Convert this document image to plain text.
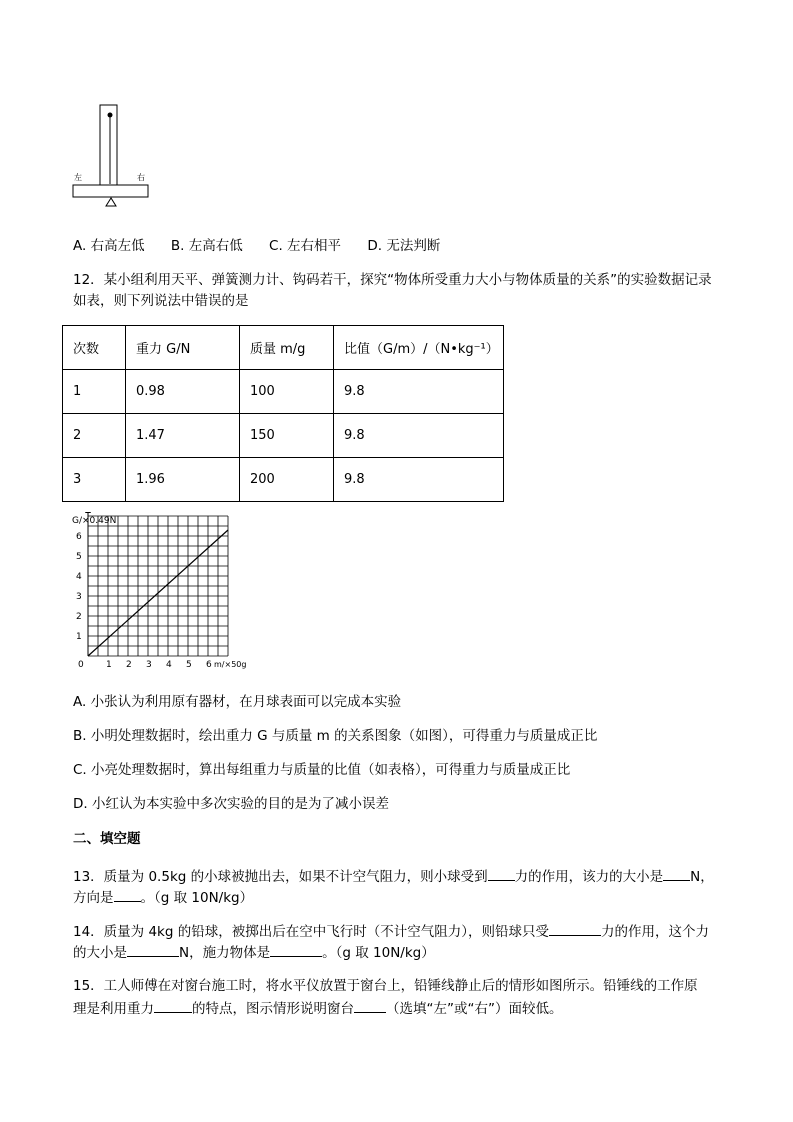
左	右
A. 右高左低 B. 左高右低 C. 左右相平 D. 无法判断
12．某小组利用天平、弹簧测力计、钩码若干，探究“物体所受重力大小与物体质量的关系”的实验数据记录
如表，则下列说法中错误的是
次数	重力 G/N	质量 m/g	比值（G/m）/（N•kg⁻¹）
1	0.98	100	9.8
2	1.47	150	9.8
3	1.96	200	9.8
0 1 2 3 4 5 6
1
2
3
4
5
6
G/×0.49N
m/×50g
A. 小张认为利用原有器材，在月球表面可以完成本实验
B. 小明处理数据时，绘出重力 G 与质量 m 的关系图象（如图），可得重力与质量成正比
C. 小亮处理数据时，算出每组重力与质量的比值（如表格），可得重力与质量成正比
D. 小红认为本实验中多次实验的目的是为了减小误差
二、填空题
13．质量为 0.5kg 的小球被抛出去，如果不计空气阻力，则小球受到 力的作用，该力的大小是 N，
方向是 。（g 取 10N/kg）
14．质量为 4kg 的铅球，被掷出后在空中飞行时（不计空气阻力），则铅球只受	力的作用，这个力
的大小是	N，施力物体是	。（g 取 10N/kg）
15．工人师傅在对窗台施工时，将水平仪放置于窗台上，铅锤线静止后的情形如图所示。铅锤线的工作原
理是利用重力	的特点，图示情形说明窗台 （选填“左”或“右”）面较低。
